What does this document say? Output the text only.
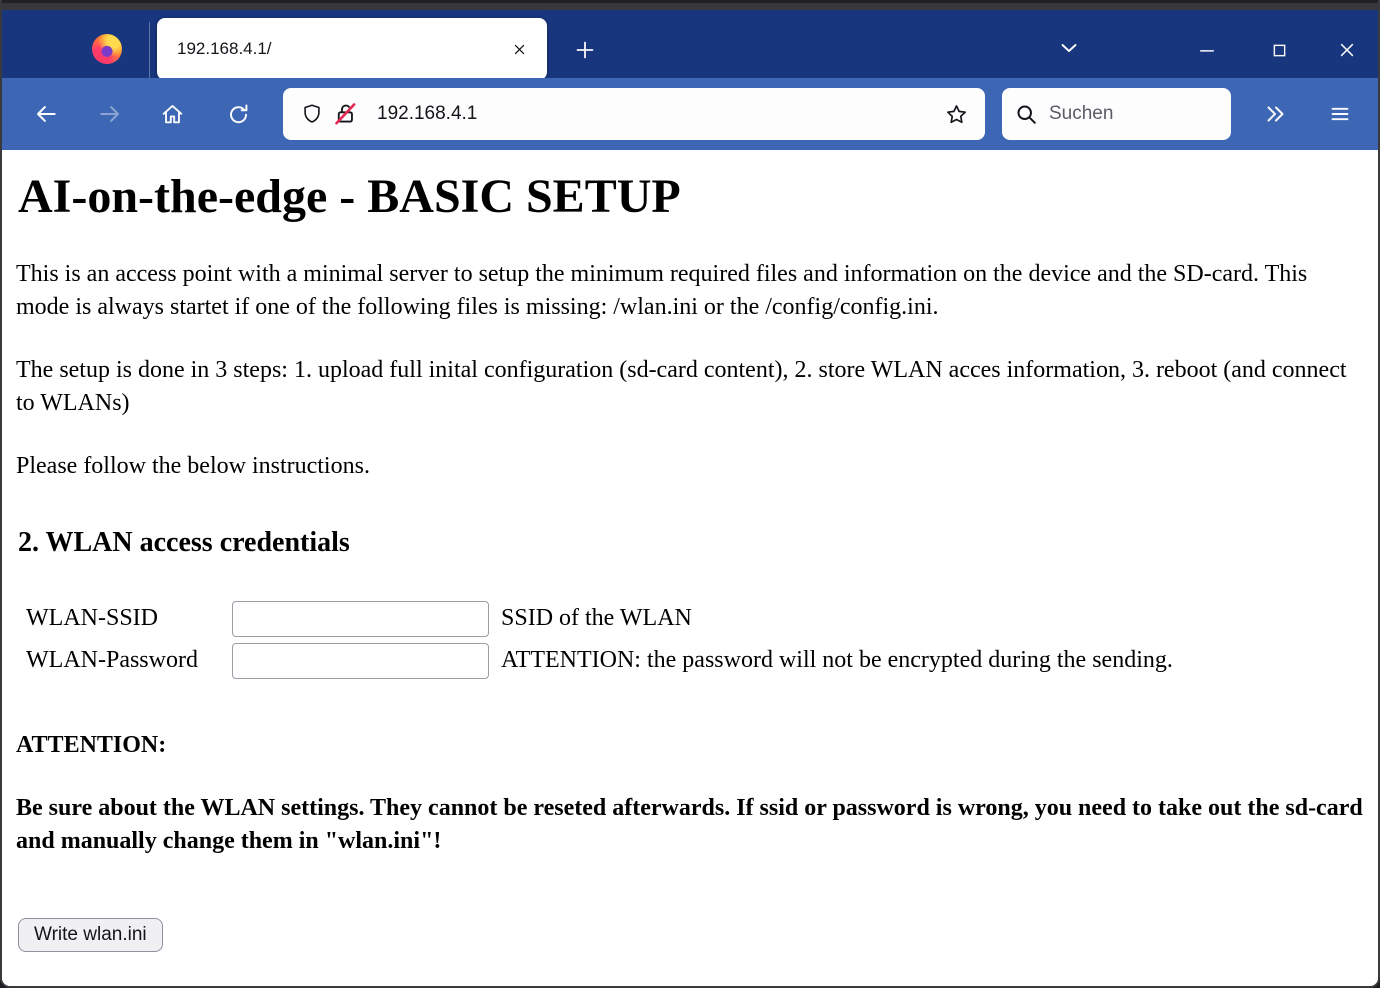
192.168.4.1/
192.168.4.1	Suchen
AI-on-the-edge - BASIC SETUP

This is an access point with a minimal server to setup the minimum required files and information on the device and the SD-card. This mode is always startet if one of the following files is missing: /wlan.ini or the /config/config.ini.

The setup is done in 3 steps: 1. upload full inital configuration (sd-card content), 2. store WLAN acces information, 3. reboot (and connect to WLANs)

Please follow the below instructions.

2. WLAN access credentials
WLAN-SSID		SSID of the WLAN
WLAN-Password		ATTENTION: the password will not be encrypted during the sending.

ATTENTION:

Be sure about the WLAN settings. They cannot be reseted afterwards. If ssid or password is wrong, you need to take out the sd-card and manually change them in "wlan.ini"!

Write wlan.ini
